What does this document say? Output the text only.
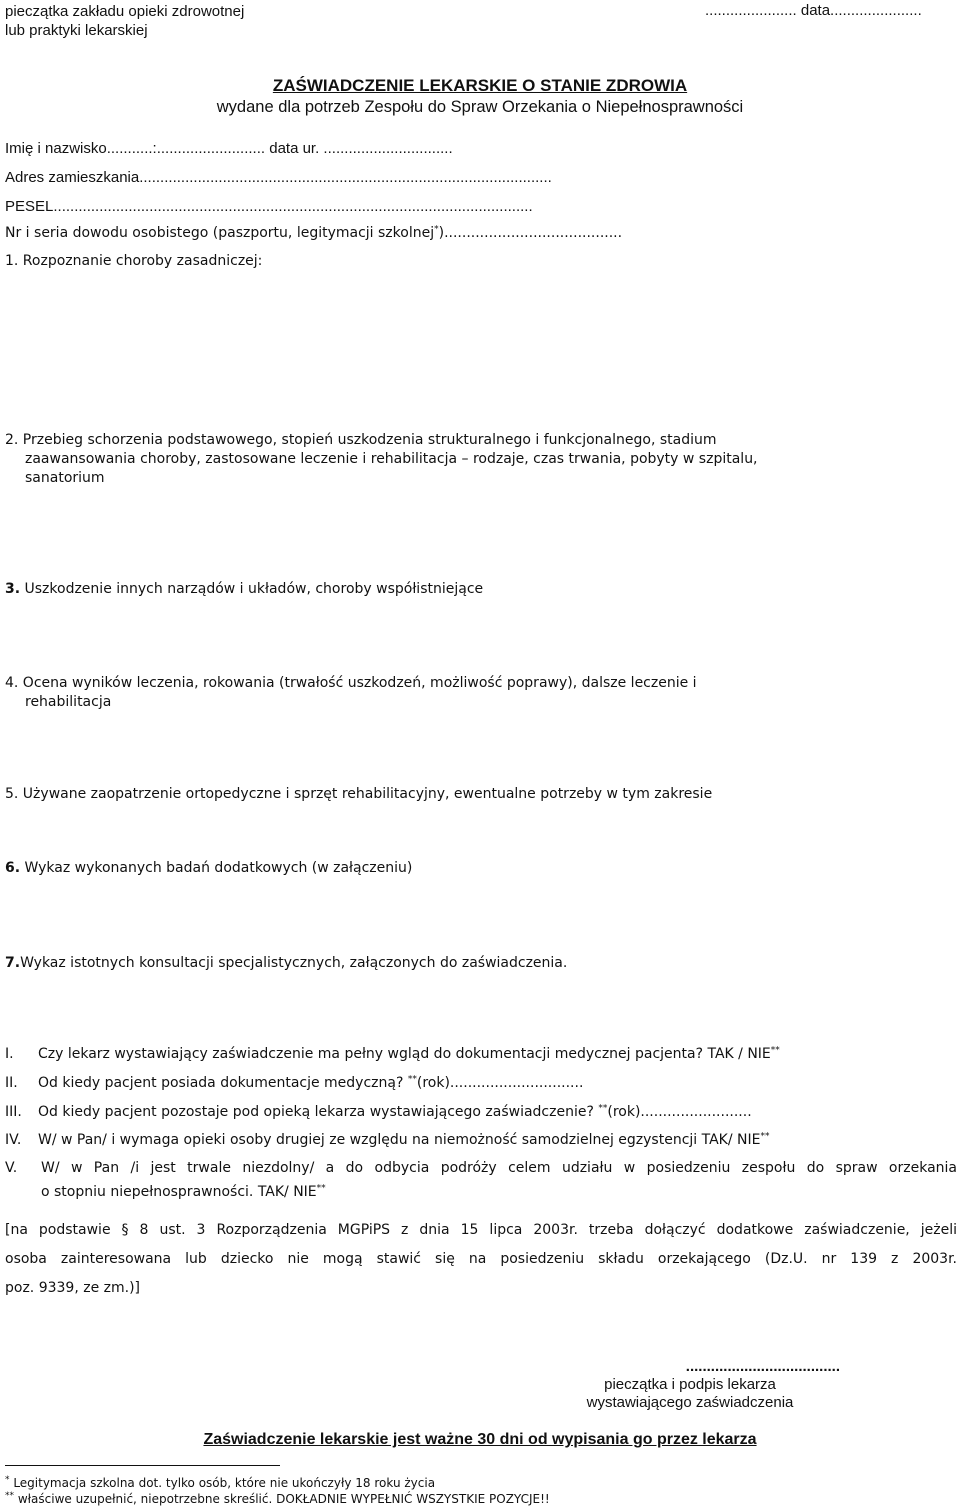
pieczątka zakładu opieki zdrowotnej
lub praktyki lekarskiej
...................... data......................
ZAŚWIADCZENIE LEKARSKIE O STANIE ZDROWIA
wydane dla potrzeb Zespołu do Spraw Orzekania o Niepełnosprawności
Imię i nazwisko...........:.......................... data ur. ...............................
Adres zamieszkania...................................................................................................
PESEL...................................................................................................................
Nr i seria dowodu osobistego (paszportu, legitymacji szkolnej*)........................................
1. Rozpoznanie choroby zasadniczej:
2. Przebieg schorzenia podstawowego, stopień uszkodzenia strukturalnego i funkcjonalnego, stadium
zaawansowania choroby, zastosowane leczenie i rehabilitacja – rodzaje, czas trwania, pobyty w szpitalu,
sanatorium
3. Uszkodzenie innych narządów i układów, choroby współistniejące
4. Ocena wyników leczenia, rokowania (trwałość uszkodzeń, możliwość poprawy), dalsze leczenie i
rehabilitacja
5. Używane zaopatrzenie ortopedyczne i sprzęt rehabilitacyjny, ewentualne potrzeby w tym zakresie
6. Wykaz wykonanych badań dodatkowych (w załączeniu)
7.Wykaz istotnych konsultacji specjalistycznych, załączonych do zaświadczenia.
I. Czy lekarz wystawiający zaświadczenie ma pełny wgląd do dokumentacji medycznej pacjenta? TAK / NIE**
II. Od kiedy pacjent posiada dokumentacje medyczną? **(rok)..............................
III. Od kiedy pacjent pozostaje pod opieką lekarza wystawiającego zaświadczenie? **(rok).........................
IV. W/ w Pan/ i wymaga opieki osoby drugiej ze względu na niemożność samodzielnej egzystencji TAK/ NIE**
V.	W/ w Pan /i jest trwale niezdolny/ a do odbycia podróży celem udziału w posiedzeniu zespołu do spraw orzekania
o stopniu niepełnosprawności. TAK/ NIE**
[na podstawie § 8 ust. 3 Rozporządzenia MGPiPS z dnia 15 lipca 2003r. trzeba dołączyć dodatkowe zaświadczenie, jeżeli
osoba zainteresowana lub dziecko nie mogą stawić się na posiedzeniu składu orzekającego (Dz.U. nr 139 z 2003r.
poz. 9339, ze zm.)]
.....................................
pieczątka i podpis lekarza
wystawiającego zaświadczenia
Zaświadczenie lekarskie jest ważne 30 dni od wypisania go przez lekarza
* Legitymacja szkolna dot. tylko osób, które nie ukończyły 18 roku życia
** właściwe uzupełnić, niepotrzebne skreślić. DOKŁADNIE WYPEŁNIĆ WSZYSTKIE POZYCJE!!
